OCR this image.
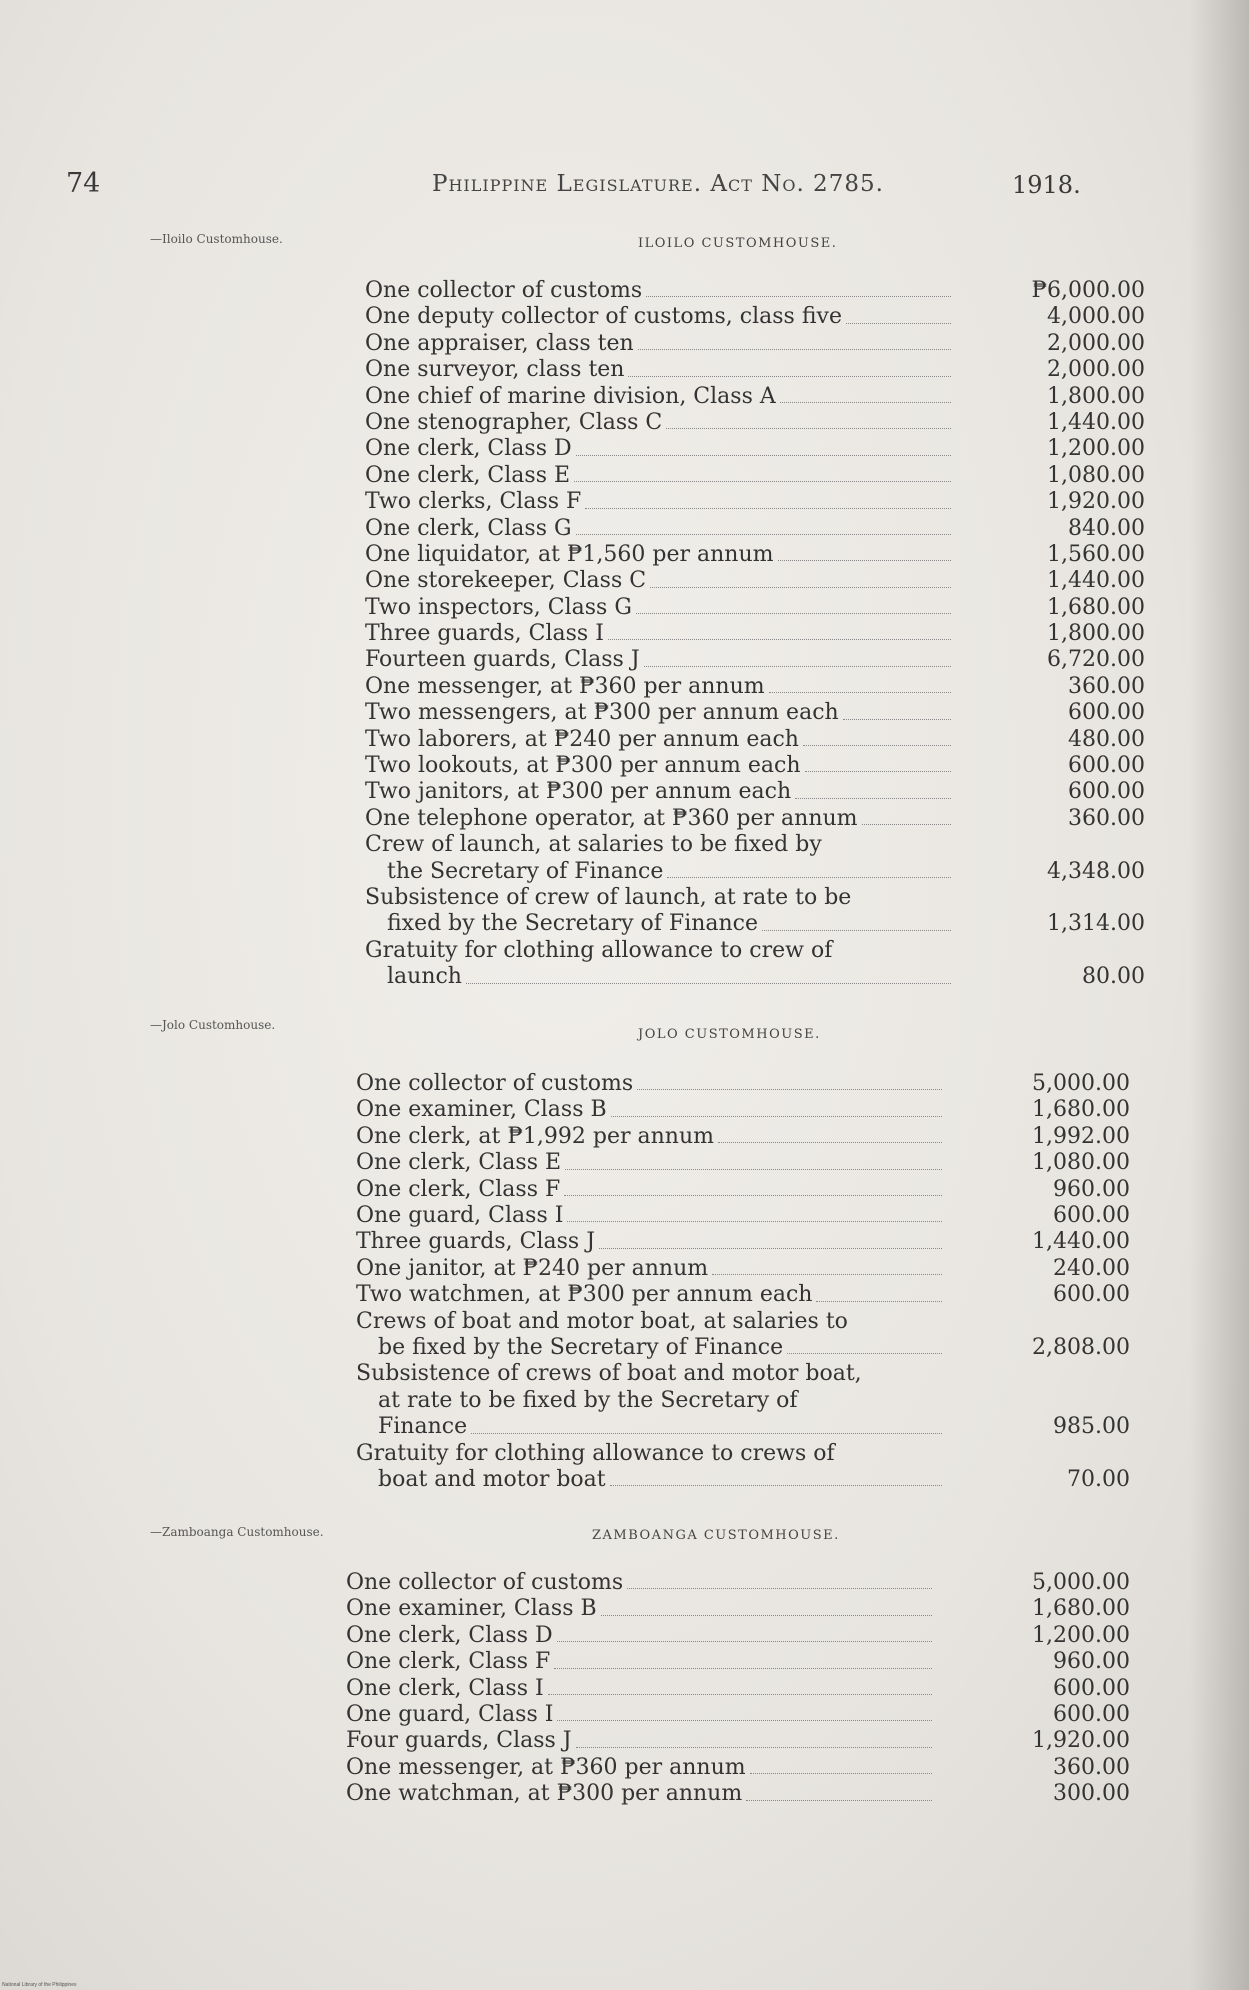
74	Philippine Legislature. Act No. 2785.	1918.
—Iloilo Customhouse.	ILOILO CUSTOMHOUSE.
One collector of customs	₱6,000.00
One deputy collector of customs, class five	4,000.00
One appraiser, class ten	2,000.00
One surveyor, class ten	2,000.00
One chief of marine division, Class A	1,800.00
One stenographer, Class C	1,440.00
One clerk, Class D	1,200.00
One clerk, Class E	1,080.00
Two clerks, Class F	1,920.00
One clerk, Class G	840.00
One liquidator, at ₱1,560 per annum	1,560.00
One storekeeper, Class C	1,440.00
Two inspectors, Class G	1,680.00
Three guards, Class I	1,800.00
Fourteen guards, Class J	6,720.00
One messenger, at ₱360 per annum	360.00
Two messengers, at ₱300 per annum each	600.00
Two laborers, at ₱240 per annum each	480.00
Two lookouts, at ₱300 per annum each	600.00
Two janitors, at ₱300 per annum each	600.00
One telephone operator, at ₱360 per annum	360.00
Crew of launch, at salaries to be fixed by
the Secretary of Finance	4,348.00
Subsistence of crew of launch, at rate to be
fixed by the Secretary of Finance	1,314.00
Gratuity for clothing allowance to crew of
launch	80.00
—Jolo Customhouse.
JOLO CUSTOMHOUSE.
One collector of customs	5,000.00
One examiner, Class B	1,680.00
One clerk, at ₱1,992 per annum	1,992.00
One clerk, Class E	1,080.00
One clerk, Class F	960.00
One guard, Class I	600.00
Three guards, Class J	1,440.00
One janitor, at ₱240 per annum	240.00
Two watchmen, at ₱300 per annum each	600.00
Crews of boat and motor boat, at salaries to
be fixed by the Secretary of Finance	2,808.00
Subsistence of crews of boat and motor boat,
at rate to be fixed by the Secretary of
Finance	985.00
Gratuity for clothing allowance to crews of
boat and motor boat	70.00
—Zamboanga Customhouse.	ZAMBOANGA CUSTOMHOUSE.
One collector of customs	5,000.00
One examiner, Class B	1,680.00
One clerk, Class D	1,200.00
One clerk, Class F	960.00
One clerk, Class I	600.00
One guard, Class I	600.00
Four guards, Class J	1,920.00
One messenger, at ₱360 per annum	360.00
One watchman, at ₱300 per annum	300.00
National Library of the Philippines
